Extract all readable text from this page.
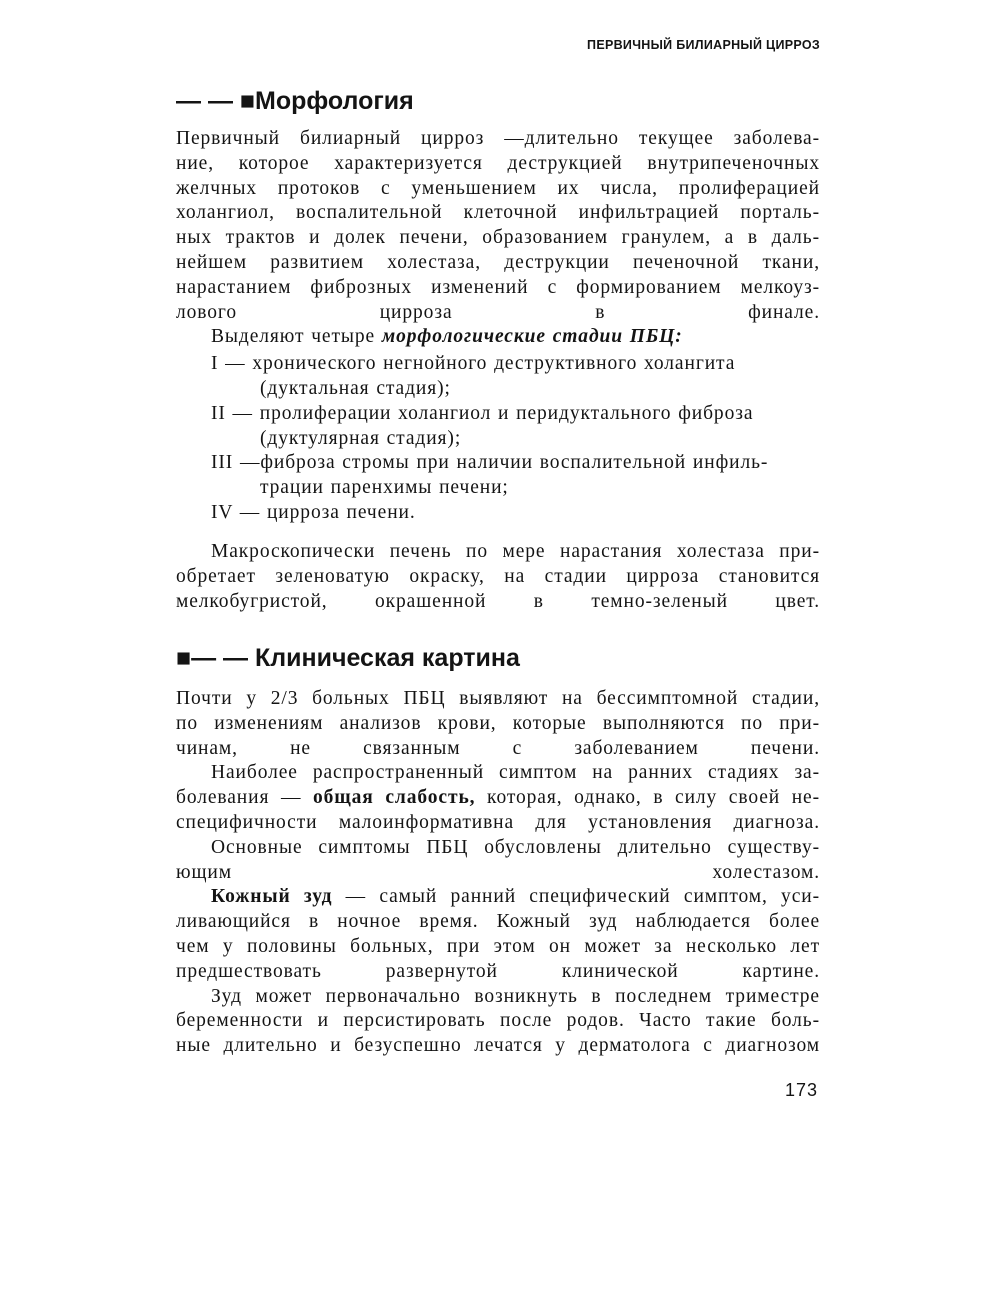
ПЕРВИЧНЫЙ БИЛИАРНЫЙ ЦИРРОЗ
— — ■Морфология

Первичный билиарный цирроз —длительно текущее заболева-
ние, которое характеризуется деструкцией внутрипеченочных
желчных протоков с уменьшением их числа, пролиферацией
холангиол, воспалительной клеточной инфильтрацией порталь-
ных трактов и долек печени, образованием гранулем, а в даль-
нейшем развитием холестаза, деструкции печеночной ткани,
нарастанием фиброзных изменений с формированием мелкоуз-
лового цирроза в финале.

Выделяют четыре морфологические стадии ПБЦ:

I — хронического негнойного деструктивного холангита
(дуктальная стадия);

II — пролиферации холангиол и перидуктального фиброза
(дуктулярная стадия);

III —фиброза стромы при наличии воспалительной инфиль-
трации паренхимы печени;

IV — цирроза печени.

Макроскопически печень по мере нарастания холестаза при-
обретает зеленоватую окраску, на стадии цирроза становится
мелкобугристой, окрашенной в темно-зеленый цвет.

■— — Клиническая картина

Почти у 2/3 больных ПБЦ выявляют на бессимптомной стадии,
по изменениям анализов крови, которые выполняются по при-
чинам, не связанным с заболеванием печени.

Наиболее распространенный симптом на ранних стадиях за-
болевания — общая слабость, которая, однако, в силу своей не-
специфичности малоинформативна для установления диагноза.

Основные симптомы ПБЦ обусловлены длительно существу-
ющим холестазом.

Кожный зуд — самый ранний специфический симптом, уси-
ливающийся в ночное время. Кожный зуд наблюдается более
чем у половины больных, при этом он может за несколько лет
предшествовать развернутой клинической картине.

Зуд может первоначально возникнуть в последнем триместре
беременности и персистировать после родов. Часто такие боль-
ные длительно и безуспешно лечатся у дерматолога с диагнозом

173
